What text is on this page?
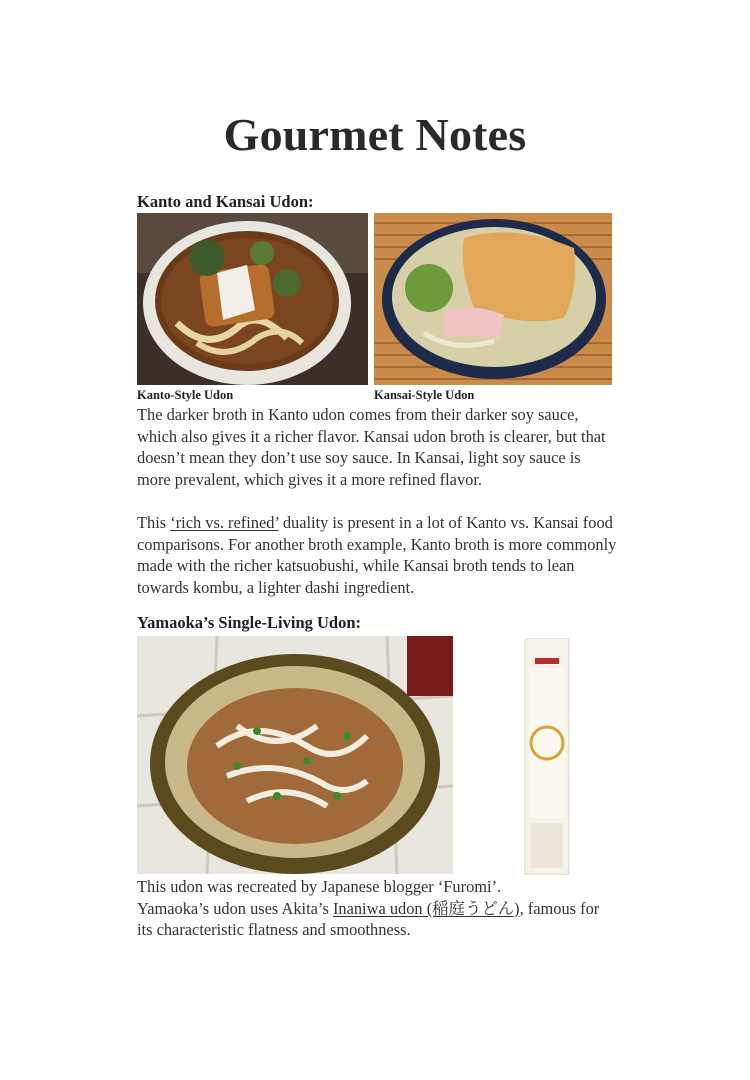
Gourmet Notes
Kanto and Kansai Udon:
Kanto-Style Udon	Kansai-Style Udon

The darker broth in Kanto udon comes from their darker soy sauce, which also gives it a richer flavor. Kansai udon broth is clearer, but that doesn’t mean they don’t use soy sauce. In Kansai, light soy sauce is more prevalent, which gives it a more refined flavor.

This ‘rich vs. refined’ duality is present in a lot of Kanto vs. Kansai food comparisons. For another broth example, Kanto broth is more commonly made with the richer katsuobushi, while Kansai broth tends to lean towards kombu, a lighter dashi ingredient.

Yamaoka’s Single-Living Udon:

This udon was recreated by Japanese blogger ‘Furomi’.

Yamaoka’s udon uses Akita’s Inaniwa udon (稲庭うどん), famous for its characteristic flatness and smoothness.
